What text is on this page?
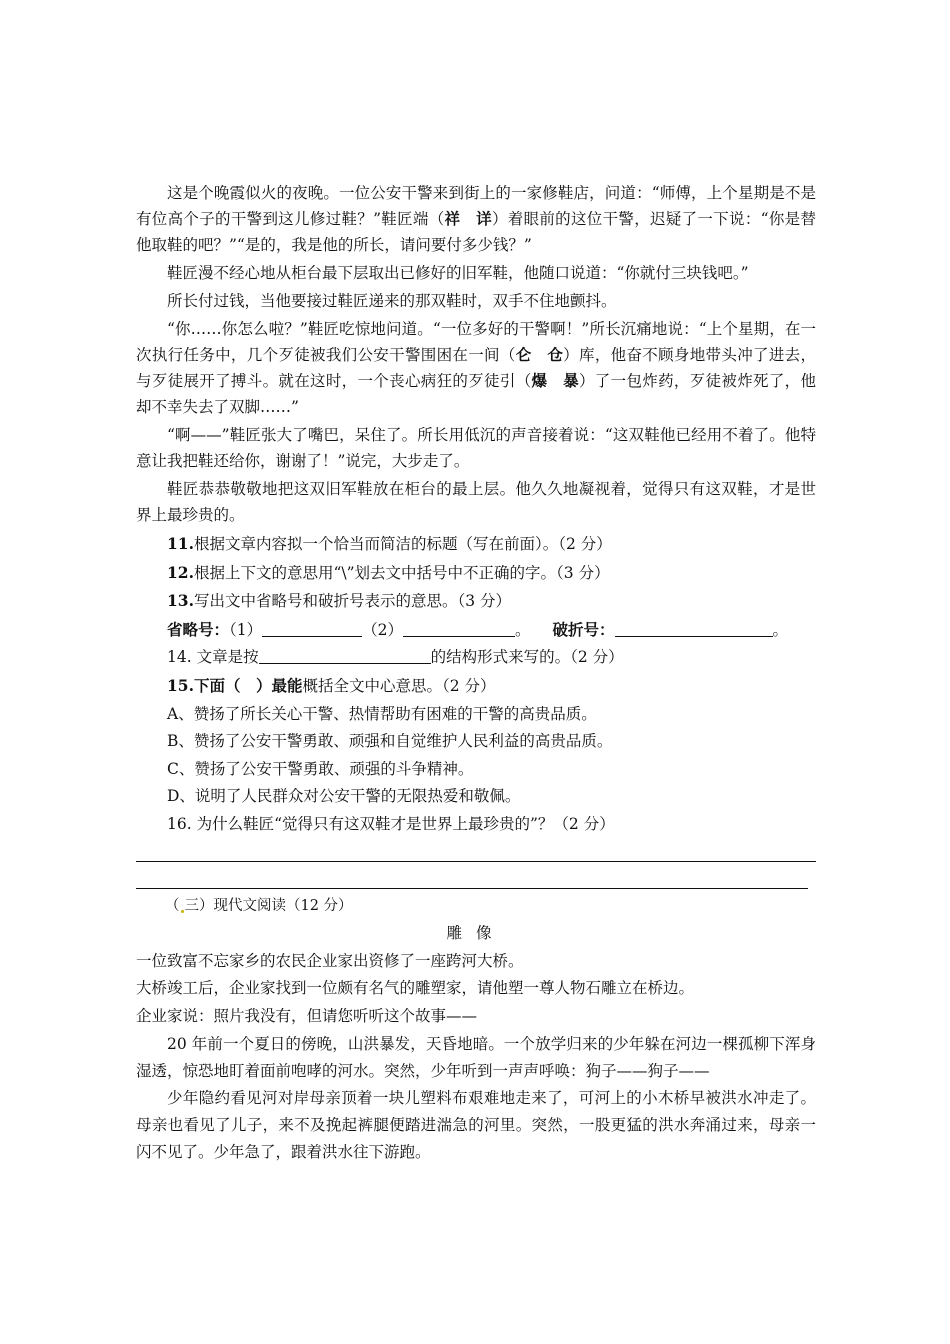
这是个晚霞似火的夜晚。一位公安干警来到街上的一家修鞋店，问道：“师傅，上个星期是不是有位高个子的干警到这儿修过鞋？”鞋匠端（祥　详）着眼前的这位干警，迟疑了一下说：“你是替他取鞋的吧？”“是的，我是他的所长，请问要付多少钱？”

鞋匠漫不经心地从柜台最下层取出已修好的旧军鞋，他随口说道：“你就付三块钱吧。”

所长付过钱，当他要接过鞋匠递来的那双鞋时，双手不住地颤抖。

“你……你怎么啦？”鞋匠吃惊地问道。“一位多好的干警啊！”所长沉痛地说：“上个星期，在一次执行任务中，几个歹徒被我们公安干警围困在一间（仑　仓）库，他奋不顾身地带头冲了进去，与歹徒展开了搏斗。就在这时，一个丧心病狂的歹徒引（爆　暴）了一包炸药，歹徒被炸死了，他却不幸失去了双脚……”

“啊——”鞋匠张大了嘴巴，呆住了。所长用低沉的声音接着说：“这双鞋他已经用不着了。他特意让我把鞋还给你，谢谢了！”说完，大步走了。

鞋匠恭恭敬敬地把这双旧军鞋放在柜台的最上层。他久久地凝视着，觉得只有这双鞋，才是世界上最珍贵的。

11.根据文章内容拟一个恰当而简洁的标题（写在前面）。（2 分）

12.根据上下文的意思用“\”划去文中括号中不正确的字。（3 分）

13.写出文中省略号和破折号表示的意思。（3 分）

省略号：（1）	（2）	。 破折号：	。

14. 文章是按	的结构形式来写的。（2 分）

15.下面（　）最能概括全文中心意思。（2 分）

A、赞扬了所长关心干警、热情帮助有困难的干警的高贵品质。

B、赞扬了公安干警勇敢、顽强和自觉维护人民利益的高贵品质。

C、赞扬了公安干警勇敢、顽强的斗争精神。

D、说明了人民群众对公安干警的无限热爱和敬佩。

16. 为什么鞋匠“觉得只有这双鞋才是世界上最珍贵的”？（2 分）

（ 三）现代文阅读（12 分）

雕像

一位致富不忘家乡的农民企业家出资修了一座跨河大桥。

大桥竣工后，企业家找到一位颇有名气的雕塑家，请他塑一尊人物石雕立在桥边。

企业家说：照片我没有，但请您听听这个故事——

20 年前一个夏日的傍晚，山洪暴发，天昏地暗。一个放学归来的少年躲在河边一棵孤柳下浑身湿透，惊恐地盯着面前咆哮的河水。突然，少年听到一声声呼唤：狗子——狗子——

少年隐约看见河对岸母亲顶着一块儿塑料布艰难地走来了，可河上的小木桥早被洪水冲走了。母亲也看见了儿子，来不及挽起裤腿便踏进湍急的河里。突然，一股更猛的洪水奔涌过来，母亲一闪不见了。少年急了，跟着洪水往下游跑。
